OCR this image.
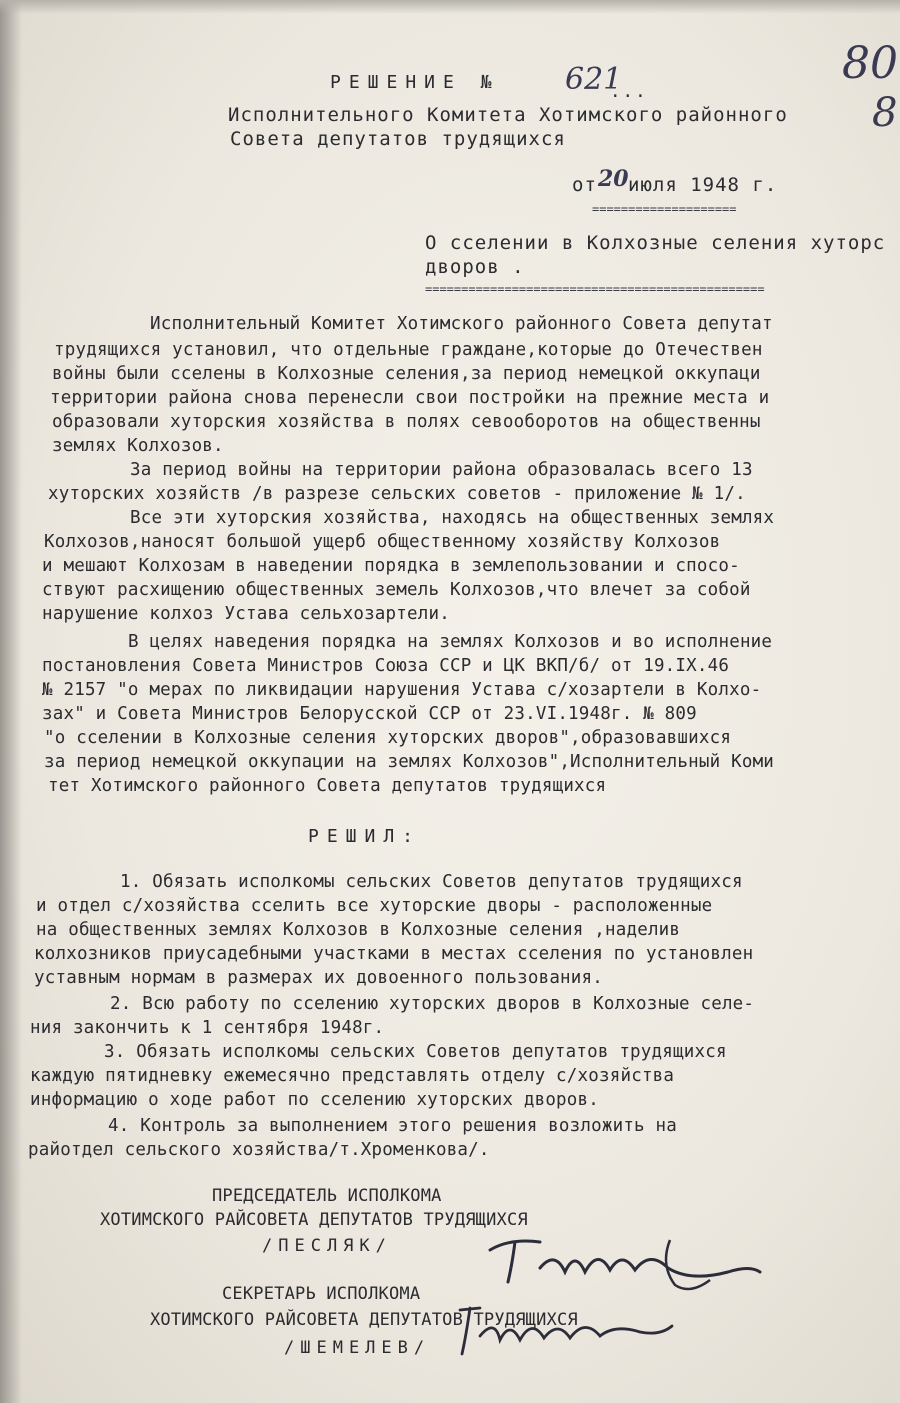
РЕШЕНИЕ № 621
...
80
8
Исполнительного Комитета Хотимского районного
Совета депутатов трудящихся
от 20 июля 1948 г.
====================
О сселении в Колхозные селения хуторс
дворов .
===============================================
Исполнительный Комитет Хотимского районного Совета депутат
трудящихся установил, что отдельные граждане,которые до Отечествен
войны были сселены в Колхозные селения,за период немецкой оккупаци
территории района снова перенесли свои постройки на прежние места и
образовали хуторския хозяйства в полях севооборотов на общественны
землях Колхозов.
За период войны на территории района образовалась всего 13
хуторских хозяйств /в разрезе сельских советов - приложение № 1/.
Все эти хуторския хозяйства, находясь на общественных землях
Колхозов,наносят большой ущерб общественному хозяйству Колхозов
и мешают Колхозам в наведении порядка в землепользовании и спосо-
ствуют расхищению общественных земель Колхозов,что влечет за собой
нарушение колхоз Устава сельхозартели.
В целях наведения порядка на землях Колхозов и во исполнение
постановления Совета Министров Союза ССР и ЦК ВКП/б/ от 19.IX.46
№ 2157 "о мерах по ликвидации нарушения Устава с/хозартели в Колхо-
зах" и Совета Министров Белорусской ССР от 23.VI.1948г. № 809
"о сселении в Колхозные селения хуторских дворов",образовавшихся
за период немецкой оккупации на землях Колхозов",Исполнительный Коми
тет Хотимского районного Совета депутатов трудящихся
РЕШИЛ:
1. Обязать исполкомы сельских Советов депутатов трудящихся
и отдел с/хозяйства сселить все хуторские дворы - расположенные
на общественных землях Колхозов в Колхозные селения ,наделив
колхозников приусадебными участками в местах сселения по установлен
уставным нормам в размерах их довоенного пользования.
2. Всю работу по сселению хуторских дворов в Колхозные селе-
ния закончить к 1 сентября 1948г.
3. Обязать исполкомы сельских Советов депутатов трудящихся
каждую пятидневку ежемесячно представлять отделу с/хозяйства
информацию о ходе работ по сселению хуторских дворов.
4. Контроль за выполнением этого решения возложить на
райотдел сельского хозяйства/т.Хроменкова/.
ПРЕДСЕДАТЕЛЬ ИСПОЛКОМА
ХОТИМСКОГО РАЙСОВЕТА ДЕПУТАТОВ ТРУДЯЩИХСЯ
/ПЕСЛЯК/
СЕКРЕТАРЬ ИСПОЛКОМА
ХОТИМСКОГО РАЙСОВЕТА ДЕПУТАТОВ ТРУДЯЩИХСЯ
/ШЕМЕЛЕВ/
